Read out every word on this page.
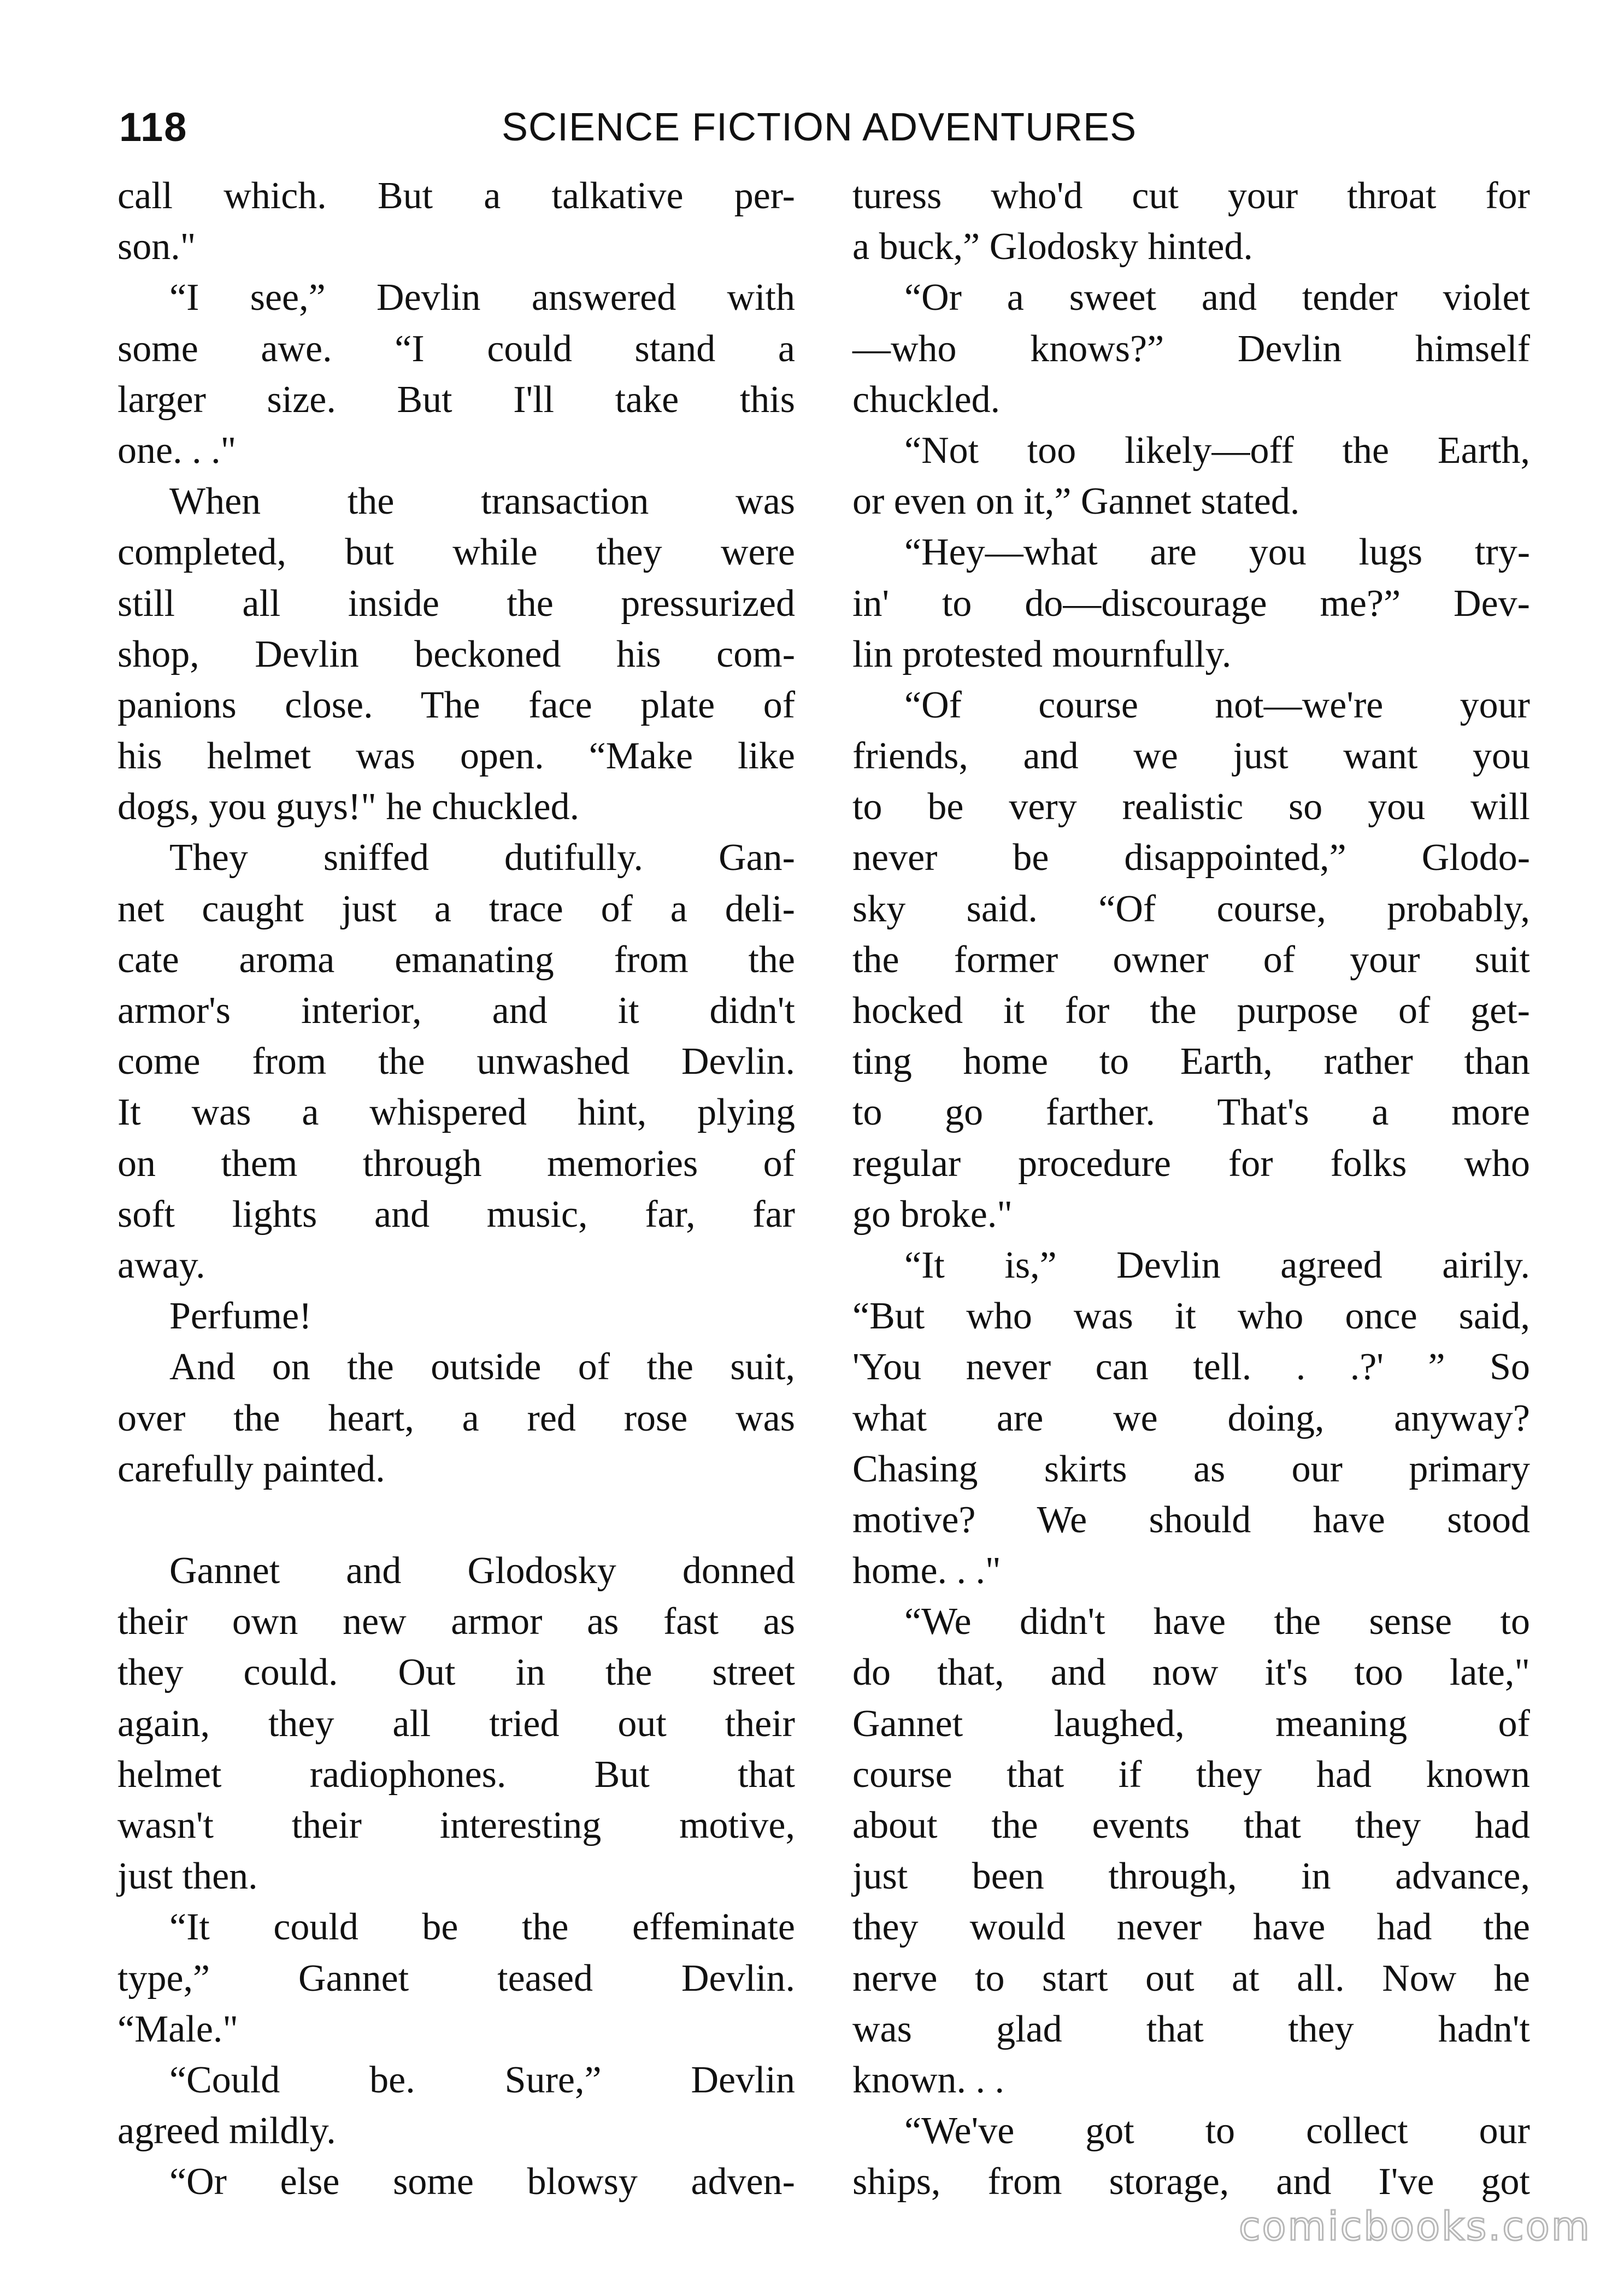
118	SCIENCE FICTION ADVENTURES
call which. But a talkative per-
son."
“I see,” Devlin answered with
some awe. “I could stand a
larger size. But I'll take this
one. . ."
When the transaction was
completed, but while they were
still all inside the pressurized
shop, Devlin beckoned his com-
panions close. The face plate of
his helmet was open. “Make like
dogs, you guys!" he chuckled.
They sniffed dutifully. Gan-
net caught just a trace of a deli-
cate aroma emanating from the
armor's interior, and it didn't
come from the unwashed Devlin.
It was a whispered hint, plying
on them through memories of
soft lights and music, far, far
away.
Perfume!
And on the outside of the suit,
over the heart, a red rose was
carefully painted.
Gannet and Glodosky donned
their own new armor as fast as
they could. Out in the street
again, they all tried out their
helmet radiophones. But that
wasn't their interesting motive,
just then.
“It could be the effeminate
type,” Gannet teased Devlin.
“Male."
“Could be. Sure,” Devlin
agreed mildly.
“Or else some blowsy adven-
turess who'd cut your throat for
a buck,” Glodosky hinted.
“Or a sweet and tender violet
—who knows?” Devlin himself
chuckled.
“Not too likely—off the Earth,
or even on it,” Gannet stated.
“Hey—what are you lugs try-
in' to do—discourage me?” Dev-
lin protested mournfully.
“Of course not—we're your
friends, and we just want you
to be very realistic so you will
never be disappointed,” Glodo-
sky said. “Of course, probably,
the former owner of your suit
hocked it for the purpose of get-
ting home to Earth, rather than
to go farther. That's a more
regular procedure for folks who
go broke."
“It is,” Devlin agreed airily.
“But who was it who once said,
'You never can tell. . .?' ” So
what are we doing, anyway?
Chasing skirts as our primary
motive? We should have stood
home. . ."
“We didn't have the sense to
do that, and now it's too late,"
Gannet laughed, meaning of
course that if they had known
about the events that they had
just been through, in advance,
they would never have had the
nerve to start out at all. Now he
was glad that they hadn't
known. . .
“We've got to collect our
ships, from storage, and I've got
comicbooks.com
